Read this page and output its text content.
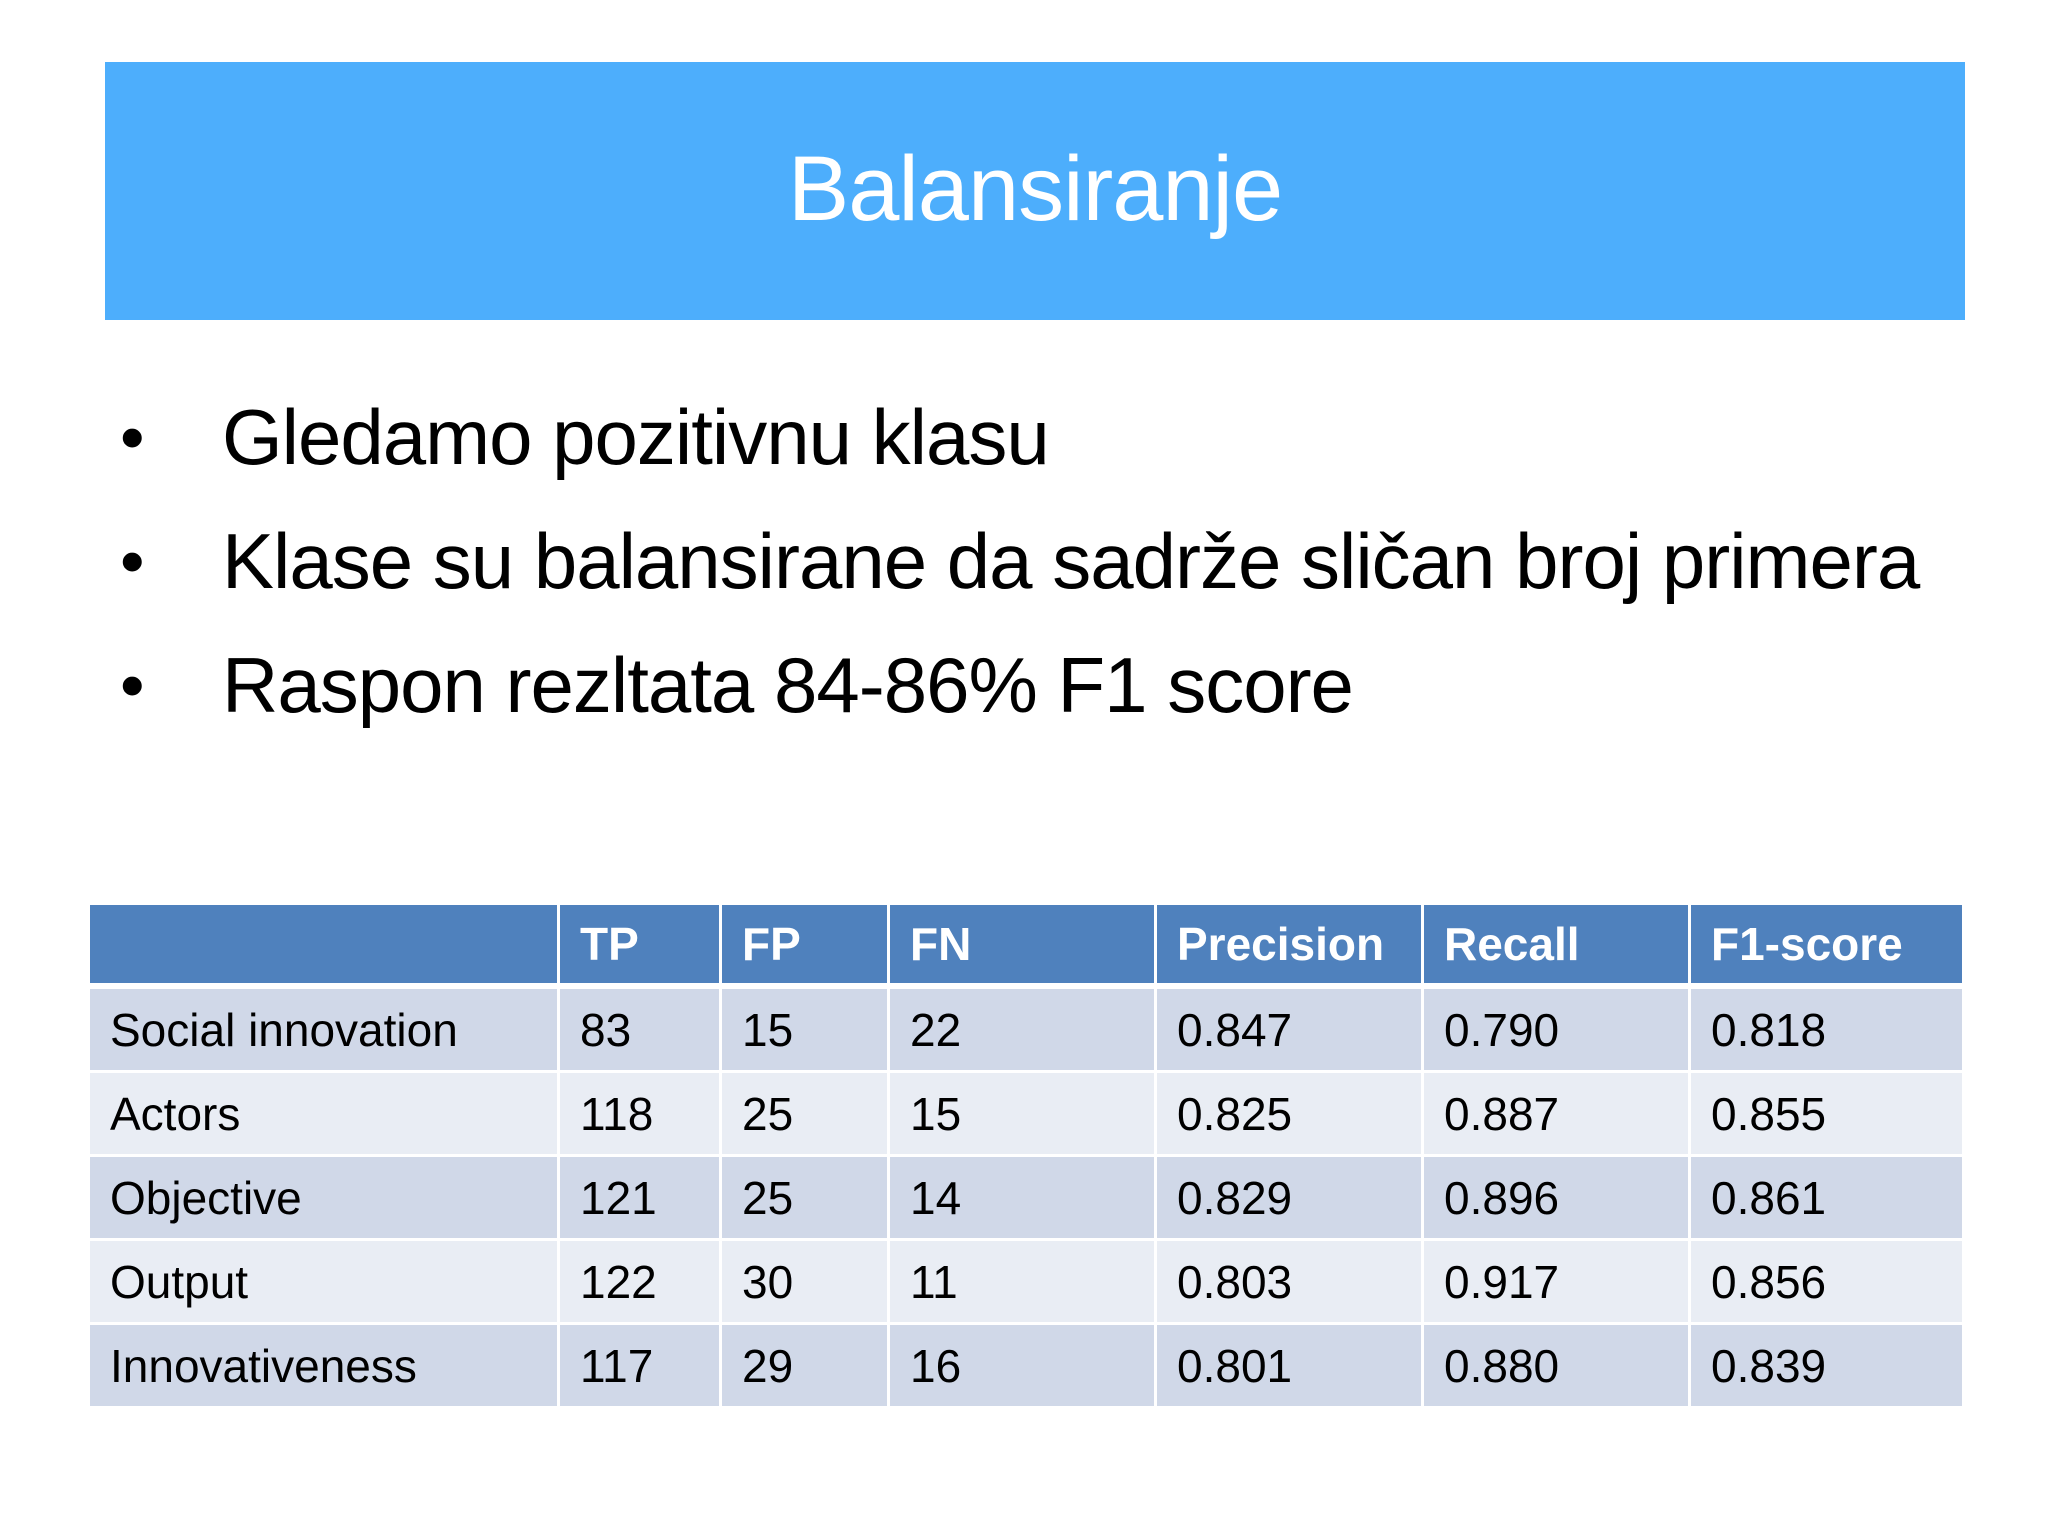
Balansiranje
•	Gledamo pozitivnu klasu
•	Klase su balansirane da sadrže sličan broj primera
•	Raspon rezltata 84-86% F1 score
	TP	FP	FN	Precision	Recall	F1-score
Social innovation	83	15	22	0.847	0.790	0.818
Actors	118	25	15	0.825	0.887	0.855
Objective	121	25	14	0.829	0.896	0.861
Output	122	30	11	0.803	0.917	0.856
Innovativeness	117	29	16	0.801	0.880	0.839
